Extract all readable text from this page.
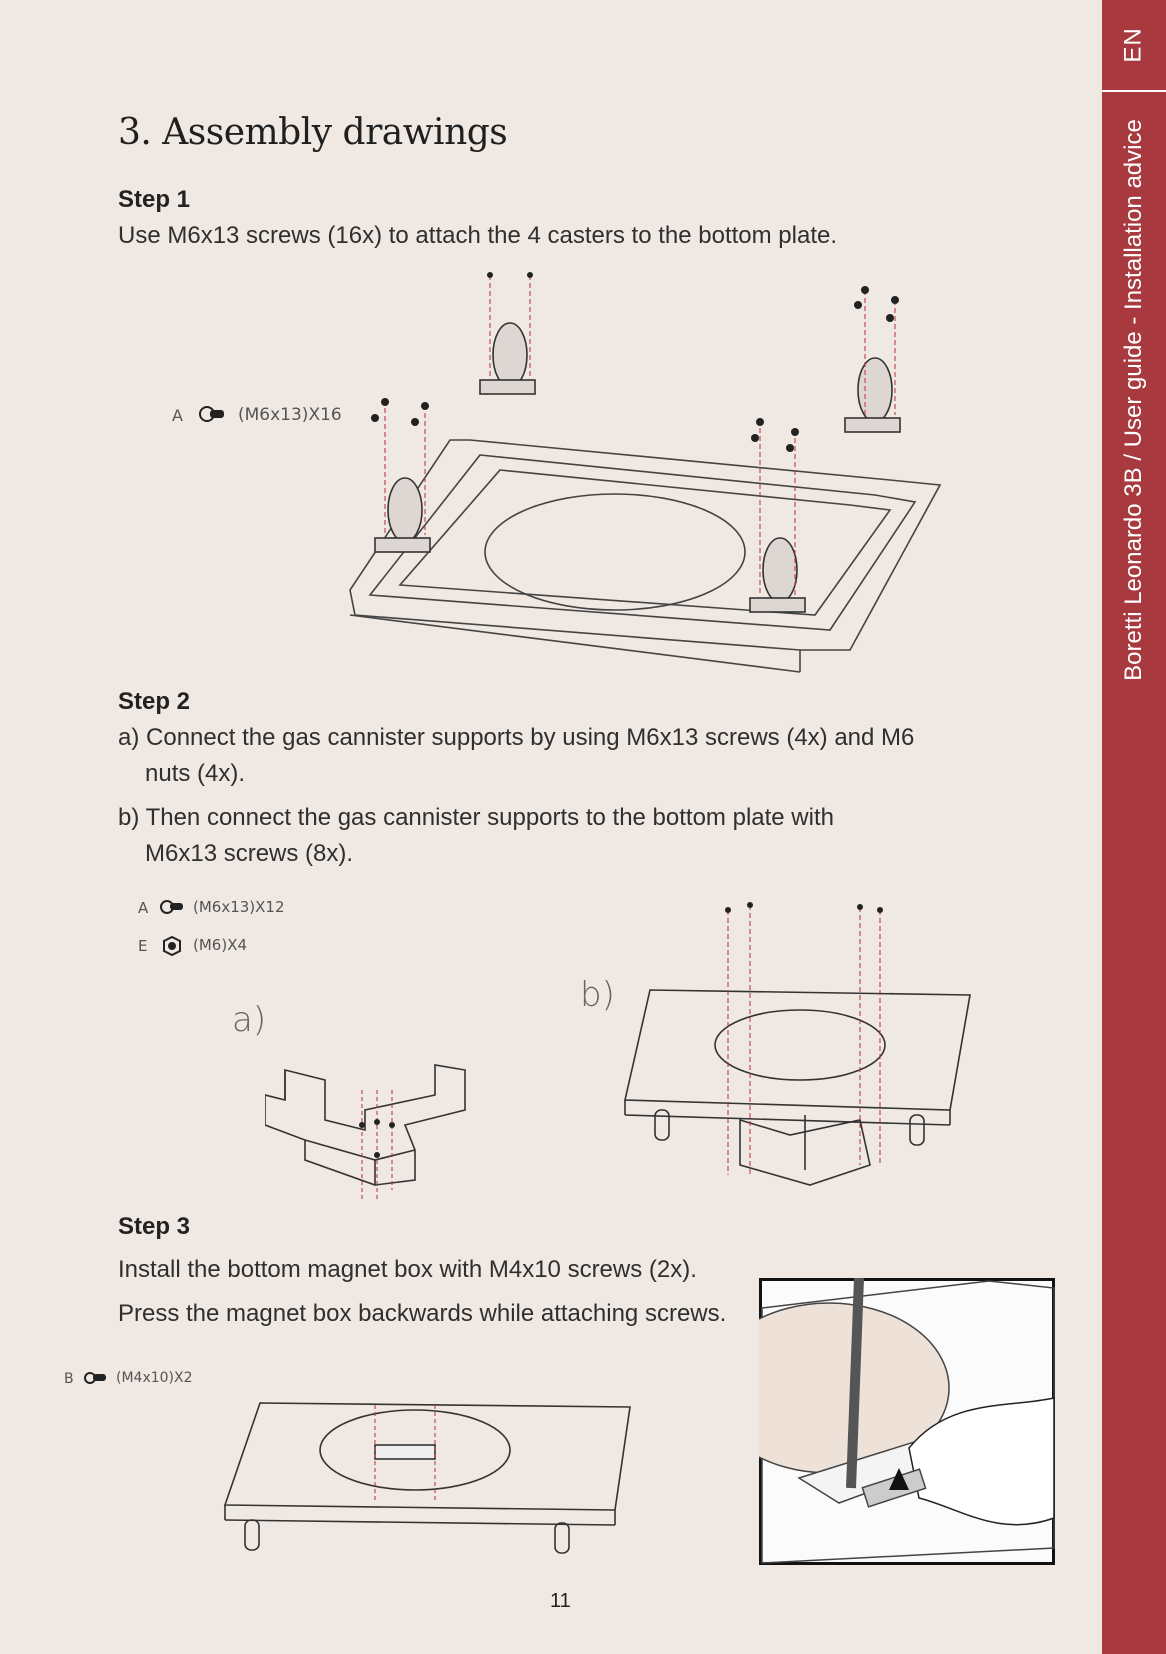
EN
Boretti Leonardo 3B / User guide - Installation advice
3. Assembly drawings
Step 1
Use M6x13 screws (16x) to attach the 4 casters to the bottom plate.
A	(M6x13)X16
Step 2
a) Connect the gas cannister supports by using M6x13 screws (4x) and M6
nuts (4x).
b) Then connect the gas cannister supports to the bottom plate with
M6x13 screws (8x).
A	(M6x13)X12
E	(M6)X4
a)
b)
Step 3
Install the bottom magnet box with M4x10 screws (2x).
Press the magnet box backwards while attaching screws.
B	(M4x10)X2
11
